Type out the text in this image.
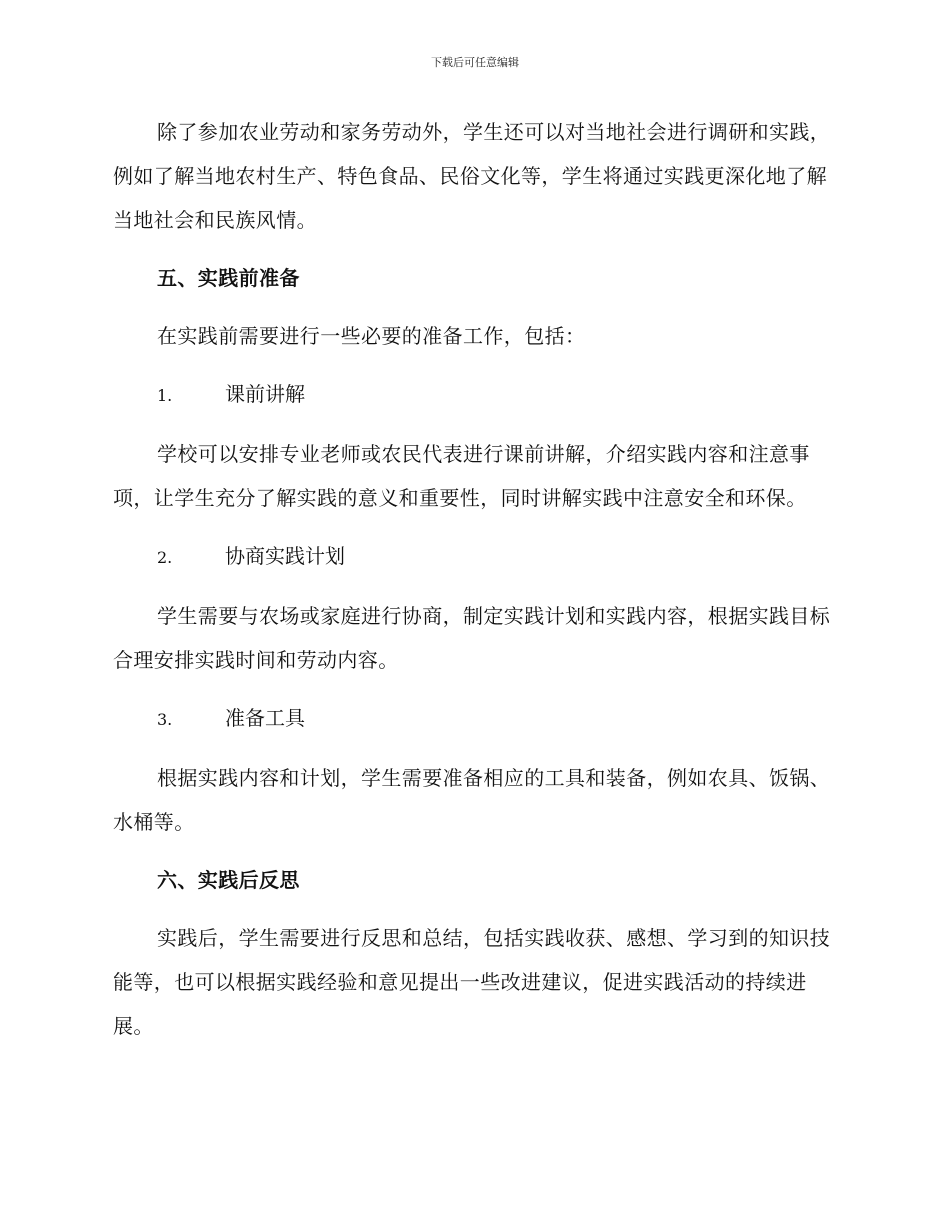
下载后可任意编辑

除了参加农业劳动和家务劳动外，学生还可以对当地社会进行调研和实践，例如了解当地农村生产、特色食品、民俗文化等，学生将通过实践更深化地了解当地社会和民族风情。

五、实践前准备

在实践前需要进行一些必要的准备工作，包括：

1.	课前讲解

学校可以安排专业老师或农民代表进行课前讲解，介绍实践内容和注意事项，让学生充分了解实践的意义和重要性，同时讲解实践中注意安全和环保。

2.	协商实践计划

学生需要与农场或家庭进行协商，制定实践计划和实践内容，根据实践目标合理安排实践时间和劳动内容。

3.	准备工具

根据实践内容和计划，学生需要准备相应的工具和装备，例如农具、饭锅、水桶等。

六、实践后反思

实践后，学生需要进行反思和总结，包括实践收获、感想、学习到的知识技能等，也可以根据实践经验和意见提出一些改进建议，促进实践活动的持续进展。
